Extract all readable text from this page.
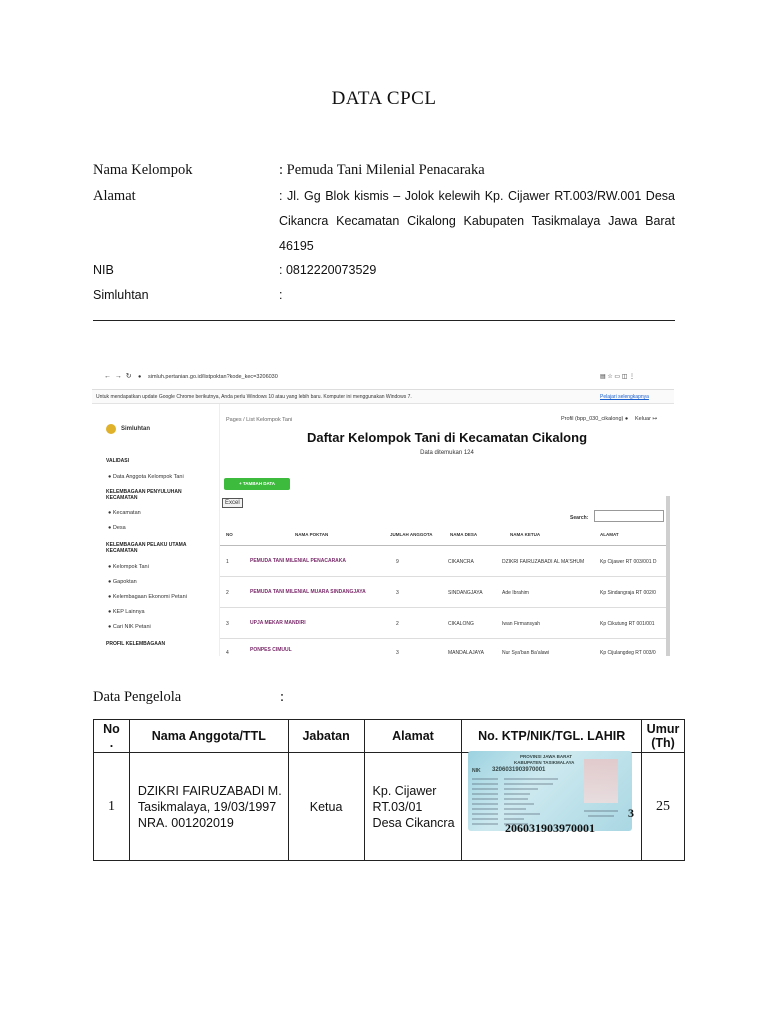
DATA CPCL
Nama Kelompok	: Pemuda Tani Milenial Penacaraka
Alamat	: Jl. Gg Blok kismis – Jolok kelewih Kp. Cijawer RT.003/RW.001 Desa
Cikancra Kecamatan Cikalong Kabupaten Tasikmalaya Jawa Barat
46195
NIB	: 0812220073529
Simluhtan	:
←  →  ↻ ● simluh.pertanian.go.id/listpoktan?kode_kec=3206030	▤ ☆ ▭ ◫ ⋮
Untuk mendapatkan update Google Chrome berikutnya, Anda perlu Windows 10 atau yang lebih baru. Komputer ini menggunakan Windows 7.	Pelajari selengkapnya
Simluhtan
VALIDASI
● Data Anggota Kelompok Tani
KELEMBAGAAN PENYULUHAN
KECAMATAN
● Kecamatan
● Desa
KELEMBAGAAN PELAKU UTAMA
KECAMATAN
● Kelompok Tani
● Gapoktan
● Kelembagaan Ekonomi Petani
● KEP Lainnya
● Cari NIK Petani
PROFIL KELEMBAGAAN
Pages / List Kelompok Tani	Profil (bpp_030_cikalong) ● Keluar ↦
Daftar Kelompok Tani di Kecamatan Cikalong
Data ditemukan 124
+ TAMBAH DATA
Excel
Search:
NO	NAMA POKTAN	JUMLAH ANGGOTA	NAMA DESA	NAMA KETUA	ALAMAT
1	PEMUDA TANI MILENIAL PENACARAKA	9	CIKANCRA	DZIKRI FAIRUZABADI AL MA'SHUM	Kp Cijawer RT 003/001 D
2	PEMUDA TANI MILENIAL MUARA SINDANGJAYA	3	SINDANGJAYA	Ade Ibrahim	Kp Sindangraja RT 002/0
3	UPJA MEKAR MANDIRI	2	CIKALONG	Iwan Firmansyah	Kp Cikutung RT 001/001
4	PONPES CIMUUL	3	MANDALAJAYA	Nur Sya'ban Ba'alawi	Kp Cijulangdeg RT 003/0
Data Pengelola	:
No
.	Nama Anggota/TTL	Jabatan	Alamat	No. KTP/NIK/TGL. LAHIR	Umur
(Th)
1	DZIKRI FAIRUZABADI M.
Tasikmalaya, 19/03/1997
NRA. 001202019	Ketua	Kp. Cijawer
RT.03/01
Desa Cikancra		25
PROVINSI JAWA BARAT
KABUPATEN TASIKMALAYA
NIK 3206031903970001
3
206031903970001
